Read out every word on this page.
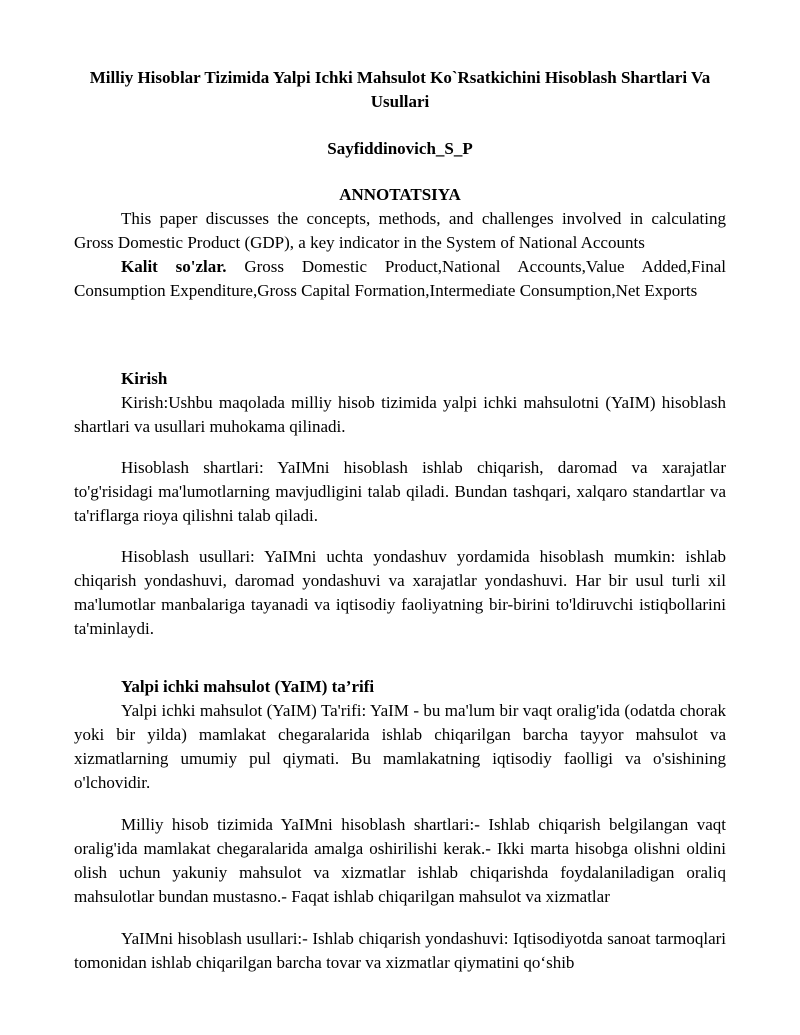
Milliy Hisoblar Tizimida Yalpi Ichki Mahsulot Ko`Rsatkichini Hisoblash Shartlari Va Usullari
Sayfiddinovich_S_P
ANNOTATSIYA

This paper discusses the concepts, methods, and challenges involved in calculating Gross Domestic Product (GDP), a key indicator in the System of National Accounts

Kalit so'zlar. Gross Domestic Product,National Accounts,Value Added,Final Consumption Expenditure,Gross Capital Formation,Intermediate Consumption,Net Exports

Kirish

Kirish:Ushbu maqolada milliy hisob tizimida yalpi ichki mahsulotni (YaIM) hisoblash shartlari va usullari muhokama qilinadi.

Hisoblash shartlari: YaIMni hisoblash ishlab chiqarish, daromad va xarajatlar to'g'risidagi ma'lumotlarning mavjudligini talab qiladi. Bundan tashqari, xalqaro standartlar va ta'riflarga rioya qilishni talab qiladi.

Hisoblash usullari: YaIMni uchta yondashuv yordamida hisoblash mumkin: ishlab chiqarish yondashuvi, daromad yondashuvi va xarajatlar yondashuvi. Har bir usul turli xil ma'lumotlar manbalariga tayanadi va iqtisodiy faoliyatning bir-birini to'ldiruvchi istiqbollarini ta'minlaydi.

Yalpi ichki mahsulot (YaIM) ta’rifi

Yalpi ichki mahsulot (YaIM) Ta'rifi: YaIM - bu ma'lum bir vaqt oralig'ida (odatda chorak yoki bir yilda) mamlakat chegaralarida ishlab chiqarilgan barcha tayyor mahsulot va xizmatlarning umumiy pul qiymati. Bu mamlakatning iqtisodiy faolligi va o'sishining o'lchovidir.

Milliy hisob tizimida YaIMni hisoblash shartlari:- Ishlab chiqarish belgilangan vaqt oralig'ida mamlakat chegaralarida amalga oshirilishi kerak.- Ikki marta hisobga olishni oldini olish uchun yakuniy mahsulot va xizmatlar ishlab chiqarishda foydalaniladigan oraliq mahsulotlar bundan mustasno.- Faqat ishlab chiqarilgan mahsulot va xizmatlar

YaIMni hisoblash usullari:- Ishlab chiqarish yondashuvi: Iqtisodiyotda sanoat tarmoqlari tomonidan ishlab chiqarilgan barcha tovar va xizmatlar qiymatini qo‘shib
